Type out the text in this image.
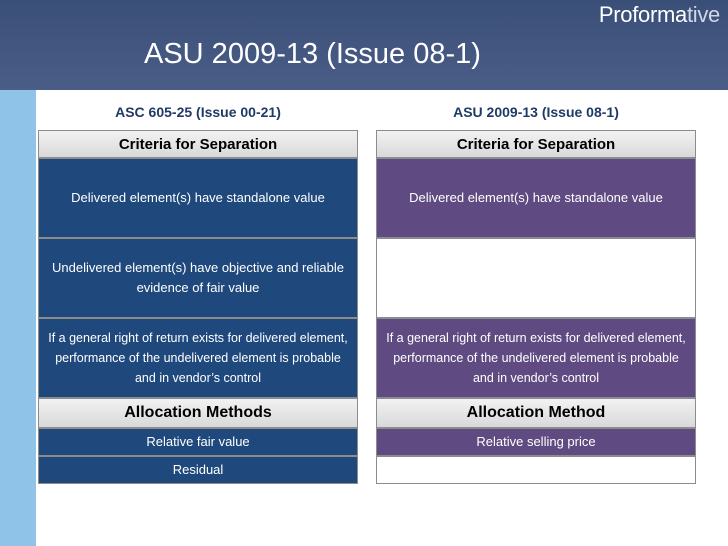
Proformative
ASU 2009-13 (Issue 08-1)
ASC 605-25 (Issue 00-21)
Criteria for Separation
Delivered element(s) have standalone value
Undelivered element(s) have objective and reliable evidence of fair value
If a general right of return exists for delivered element, performance of the undelivered element is probable and in vendor’s control
Allocation Methods
Relative fair value
Residual
ASU 2009-13 (Issue 08-1)
Criteria for Separation
Delivered element(s) have standalone value
If a general right of return exists for delivered element, performance of the undelivered element is probable and in vendor’s control
Allocation Method
Relative selling price
